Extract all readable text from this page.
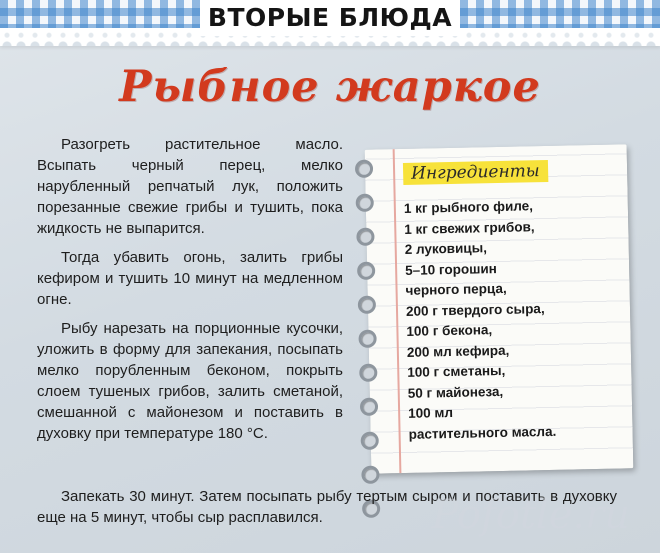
ВТОРЫЕ БЛЮДА
Рыбное жаркое

Разогреть растительное масло. Всыпать черный перец, мелко нарубленный репчатый лук, положить порезанные свежие грибы и тушить, пока жидкость не выпарится.

Тогда убавить огонь, залить грибы кефиром и тушить 10 минут на медленном огне.

Рыбу нарезать на порционные кусочки, уложить в форму для запекания, посыпать мелко порубленным беконом, покрыть слоем тушеных грибов, залить сметаной, смешанной с майонезом и поставить в духовку при температуре 180 °С.

Ингредиенты
1 кг рыбного филе,
1 кг свежих грибов,
2 луковицы,
5–10 горошин
черного перца,
200 г твердого сыра,
100 г бекона,
200 мл кефира,
100 г сметаны,
50 г майонеза,
100 мл
растительного масла.

Запекать 30 минут. Затем посыпать рыбу тертым сыром и поставить в духовку еще на 5 минут, чтобы сыр расплавился.	Pofotle.ru
